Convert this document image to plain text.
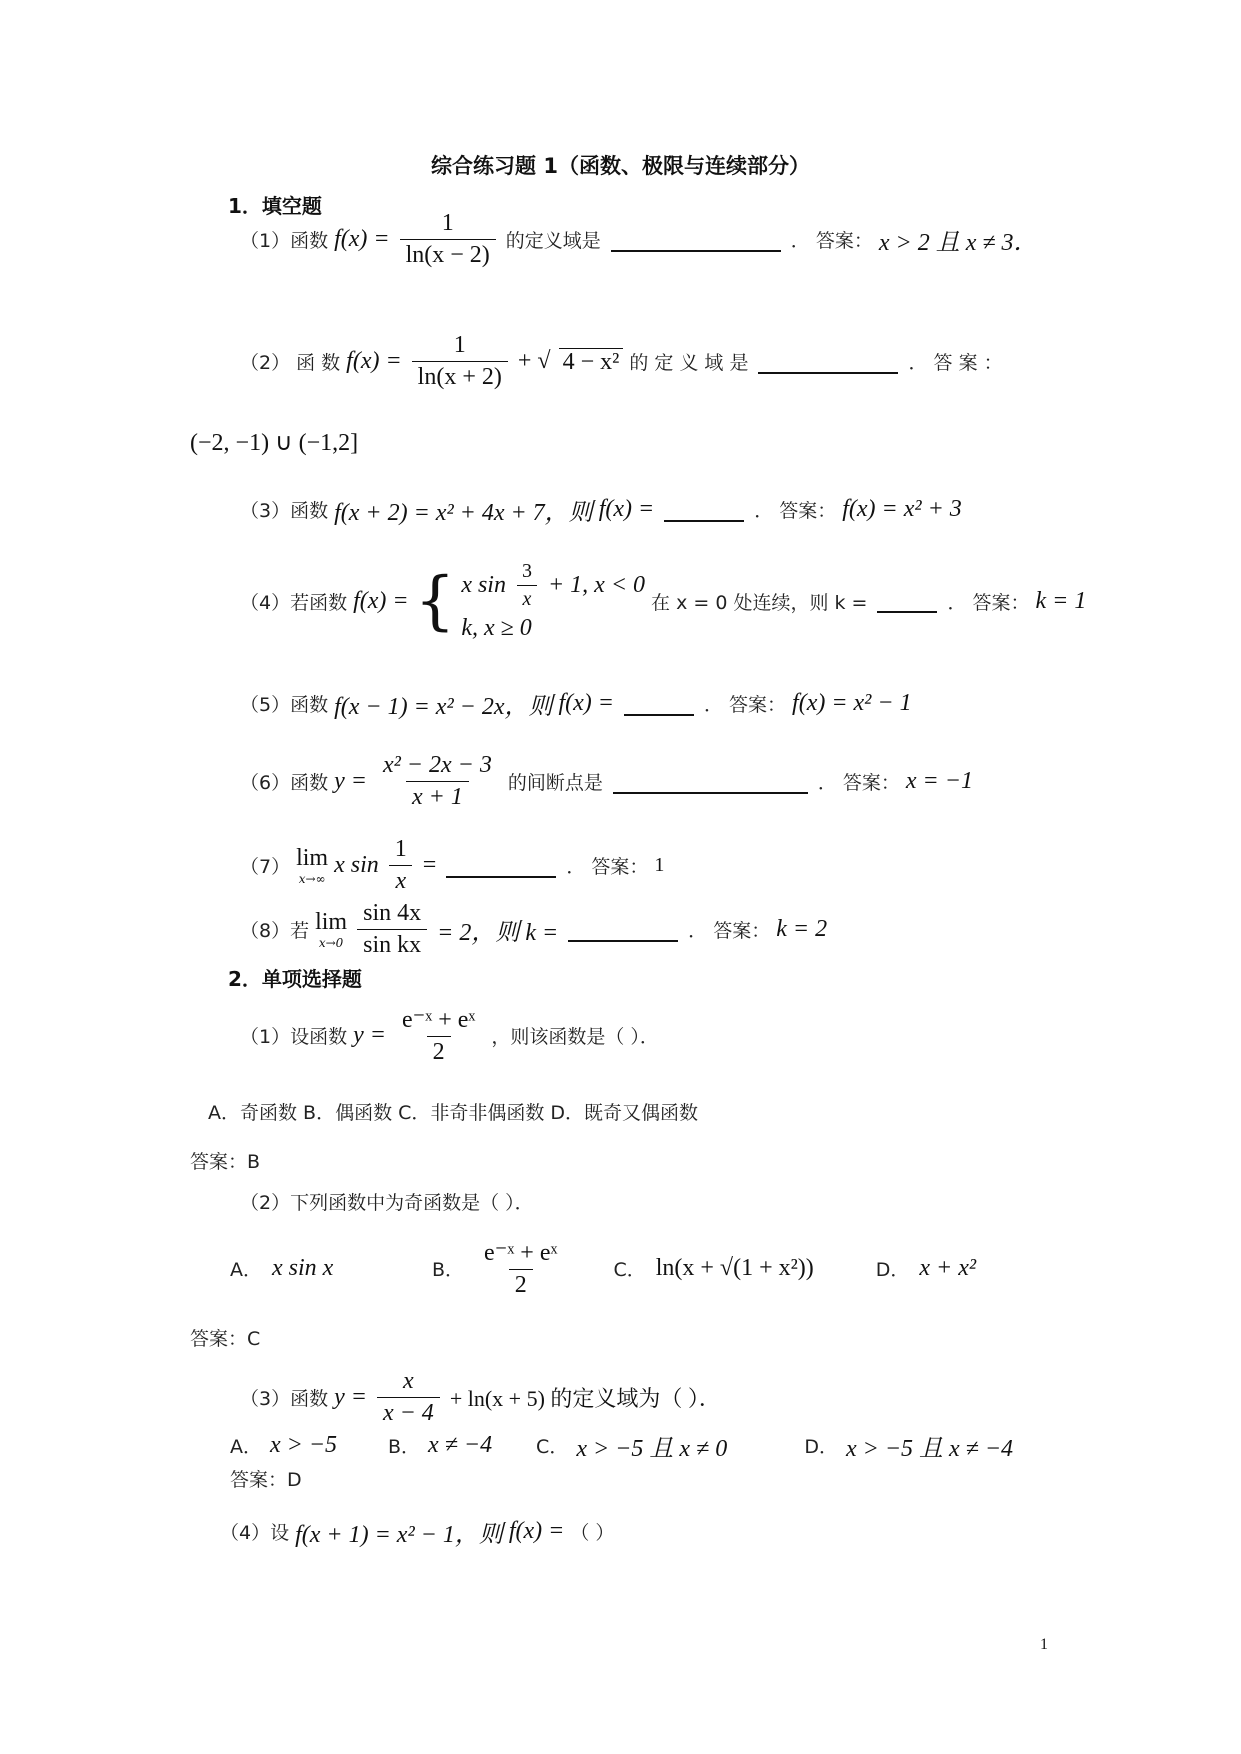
综合练习题 1（函数、极限与连续部分）
1．填空题
（1）函数 $f(x) = \frac{1}{\ln(x - 2)}$ 的定义域是	． 答案： x > 2 且 x ≠ 3．
（2） 函 数 $f(x) = \frac{1}{\ln(x + 2)}$ + √ 4 − x² 的 定 义 域 是	． 答 案 ：
(−2, −1) ∪ (−1,2]
（3）函数 f(x + 2) = x² + 4x + 7，则 f(x) =	． 答案： f(x) = x² + 3
（4）若函数 f(x) = { x $\sin \frac{3}{x} + 1$, x < 0
k, x ≥ 0
在 x = 0 处连续，则 k =	． 答案： k = 1
（5）函数 f(x − 1) = x² − 2x，则 f(x) =	． 答案： f(x) = x² − 1
（6）函数 $y = \frac{\text{x² − 2x − 3}}{x + 1}$ 的间断点是	． 答案： x = −1
（7） lim
x→∞
x $\sin \frac{1}{x}$ =	． 答案： 1
（8）若 lim
$x\to 0 \frac{\sin 4x}{\text{sin kx}} = 2$，则 k =	． 答案： k = 2
2．单项选择题
（1）设函数 $y = \frac{\text{e⁻ˣ + eˣ}}{2}$ ，则该函数是（ ）．
A．奇函数 B．偶函数 C．非奇非偶函数 D．既奇又偶函数
答案：B
（2）下列函数中为奇函数是（ ）．
A． x sin x	B． $\frac{\text{e⁻ˣ + eˣ}}{2}$	C． ln(x + √(1 + x²))	D． x + x²
答案：C
（3）函数 $y = \frac{x}{x - 4} + \ln(x + 5)$ 的定义域为（ ）．
A． x > −5	B． x ≠ −4	C． x > −5 且 x ≠ 0	D． x > −5 且 x ≠ −4
答案：D
（4）设 f(x + 1) = x² − 1，则 f(x) = （ ）
1
